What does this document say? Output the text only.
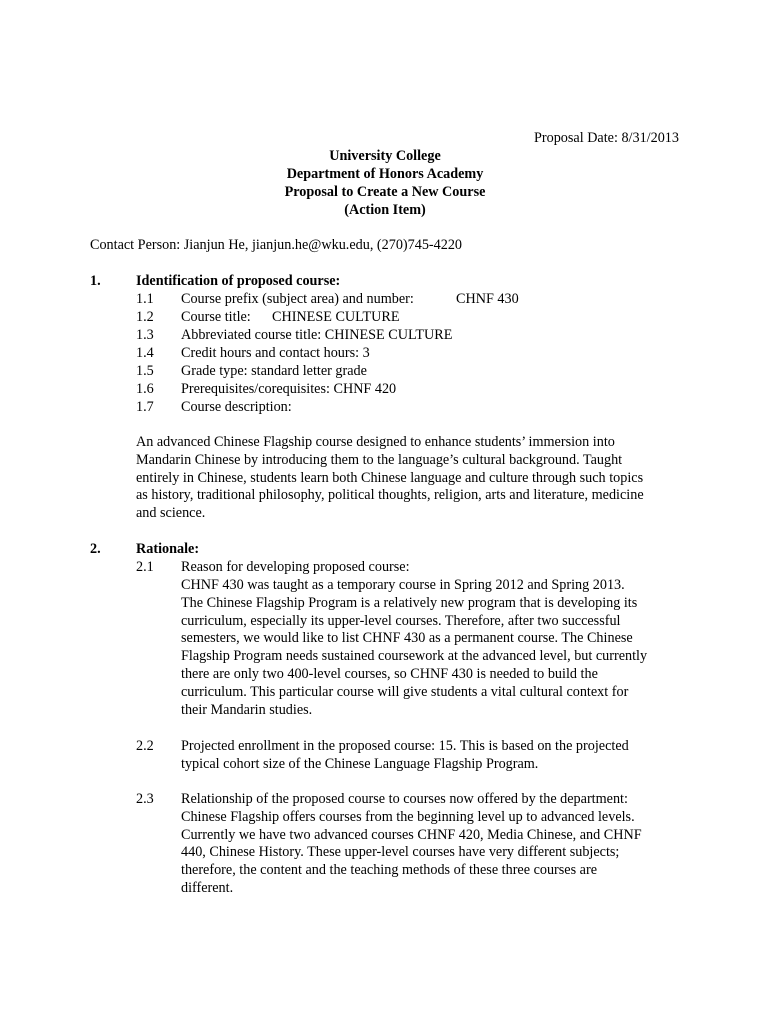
Proposal Date: 8/31/2013
University College
Department of Honors Academy
Proposal to Create a New Course
(Action Item)
Contact Person: Jianjun He, jianjun.he@wku.edu, (270)745-4220
1. Identification of proposed course:
1.1 Course prefix (subject area) and number:	CHNF 430
1.2 Course title: CHINESE CULTURE
1.3 Abbreviated course title: CHINESE CULTURE
1.4 Credit hours and contact hours: 3
1.5 Grade type: standard letter grade
1.6 Prerequisites/corequisites: CHNF 420
1.7 Course description:

An advanced Chinese Flagship course designed to enhance students’ immersion into

Mandarin Chinese by introducing them to the language’s cultural background. Taught

entirely in Chinese, students learn both Chinese language and culture through such topics

as history, traditional philosophy, political thoughts, religion, arts and literature, medicine

and science.

2. Rationale:
2.1 Reason for developing proposed course:

CHNF 430 was taught as a temporary course in Spring 2012 and Spring 2013.

The Chinese Flagship Program is a relatively new program that is developing its

curriculum, especially its upper-level courses. Therefore, after two successful

semesters, we would like to list CHNF 430 as a permanent course. The Chinese

Flagship Program needs sustained coursework at the advanced level, but currently

there are only two 400-level courses, so CHNF 430 is needed to build the

curriculum. This particular course will give students a vital cultural context for

their Mandarin studies.

2.2 Projected enrollment in the proposed course: 15. This is based on the projected

typical cohort size of the Chinese Language Flagship Program.

2.3 Relationship of the proposed course to courses now offered by the department:

Chinese Flagship offers courses from the beginning level up to advanced levels.

Currently we have two advanced courses CHNF 420, Media Chinese, and CHNF

440, Chinese History. These upper-level courses have very different subjects;

therefore, the content and the teaching methods of these three courses are

different.
